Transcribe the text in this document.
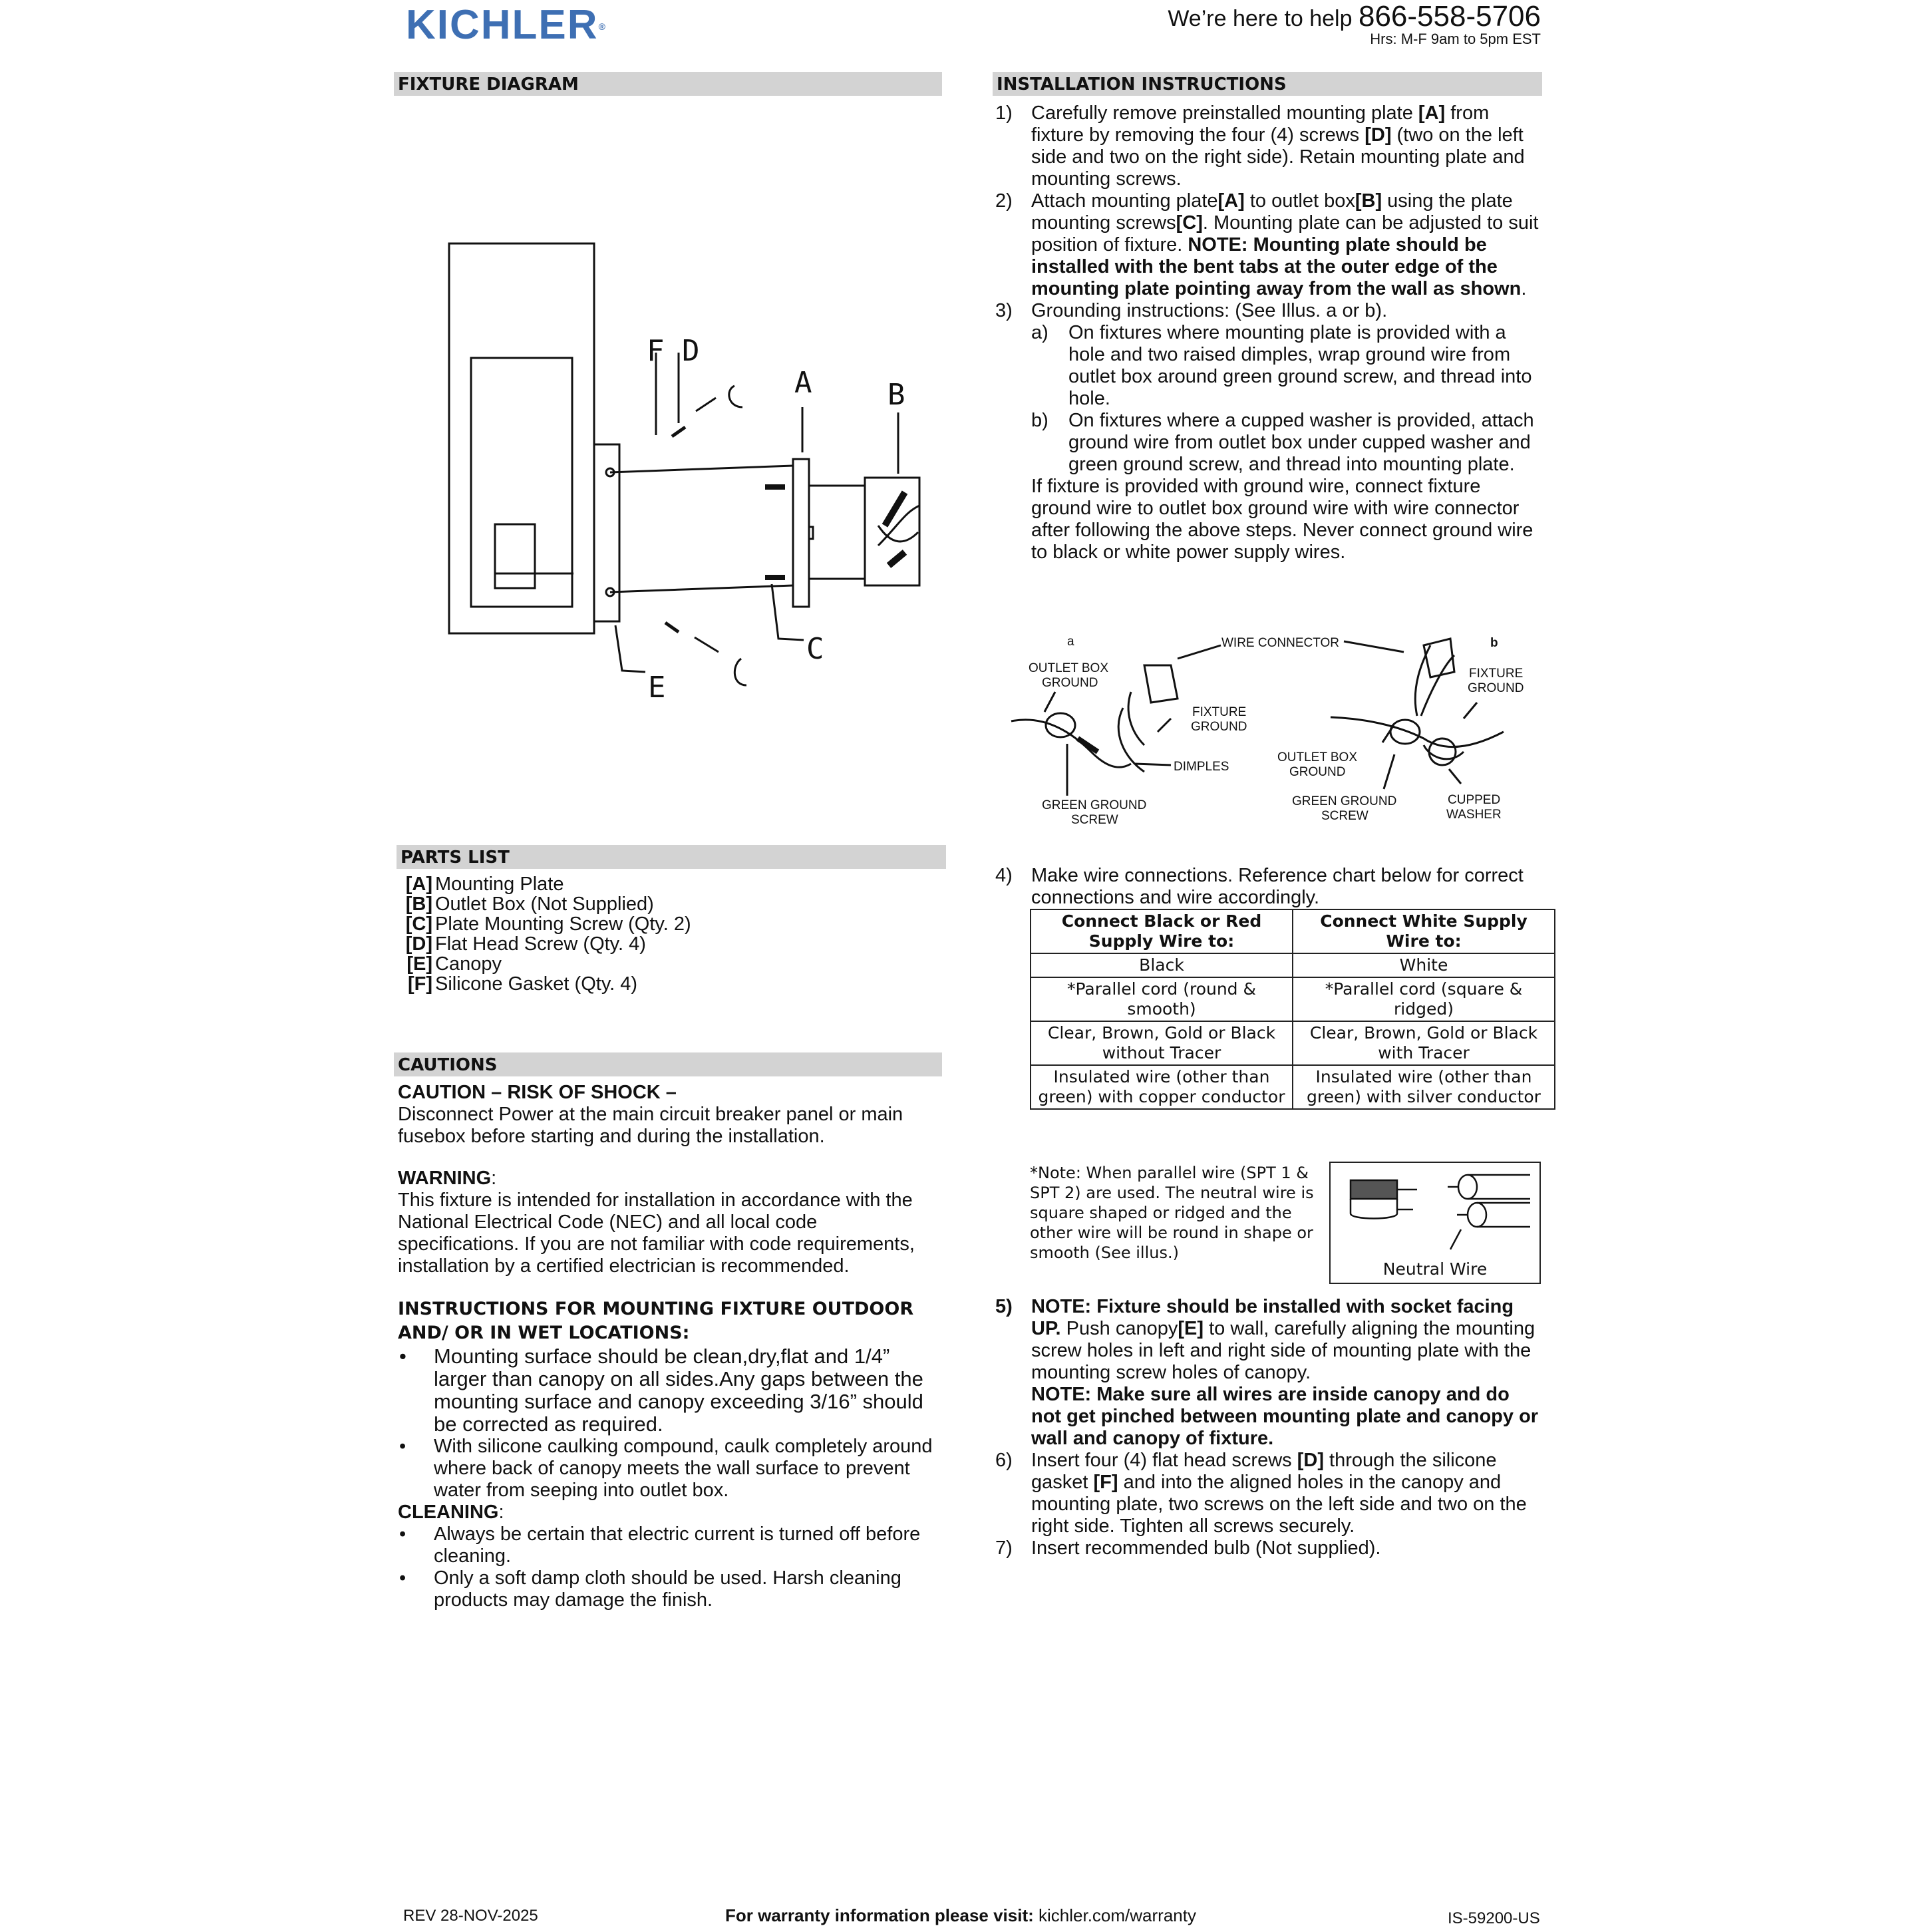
KICHLER®	We’re here to help 866-558-5706
Hrs: M-F 9am to 5pm EST
FIXTURE DIAGRAM
F D
A	B
C
E
INSTALLATION INSTRUCTIONS
1) Carefully remove preinstalled mounting plate [A] from fixture by removing the four (4) screws [D] (two on the left side and two on the right side). Retain mounting plate and mounting screws.
2) Attach mounting plate[A] to outlet box[B] using the plate mounting screws[C]. Mounting plate can be adjusted to suit position of fixture. NOTE: Mounting plate should be installed with the bent tabs at the outer edge of the mounting plate pointing away from the wall as shown.
3) Grounding instructions: (See Illus. a or b).
a) On fixtures where mounting plate is provided with a hole and two raised dimples, wrap ground wire from outlet box around green ground screw, and thread into hole.
b) On fixtures where a cupped washer is provided, attach ground wire from outlet box under cupped washer and green ground screw, and thread into mounting plate.
If fixture is provided with ground wire, connect fixture ground wire to outlet box ground wire with wire connector after following the above steps. Never connect ground wire to black or white power supply wires.
a	b
WIRE CONNECTOR
OUTLET BOX
GROUND
FIXTURE
GROUND
DIMPLES
GREEN GROUND
SCREW
FIXTURE
GROUND
OUTLET BOX
GROUND
GREEN GROUND
SCREW
CUPPED
WASHER
PARTS LIST
[A] Mounting Plate
[B] Outlet Box (Not Supplied)
[C] Plate Mounting Screw (Qty. 2)
[D] Flat Head Screw (Qty. 4)
[E] Canopy
[F] Silicone Gasket (Qty. 4)
4) Make wire connections. Reference chart below for correct connections and wire accordingly.
Connect Black or Red Supply Wire to:	Connect White Supply Wire to:
Black	White
*Parallel cord (round & smooth)	*Parallel cord (square & ridged)
Clear, Brown, Gold or Black without Tracer	Clear, Brown, Gold or Black with Tracer
Insulated wire (other than green) with copper conductor	Insulated wire (other than green) with silver conductor
*Note: When parallel wire (SPT 1 & SPT 2) are used. The neutral wire is square shaped or ridged and the other wire will be round in shape or smooth (See illus.)
Neutral Wire
5) NOTE: Fixture should be installed with socket facing UP. Push canopy[E] to wall, carefully aligning the mounting screw holes in left and right side of mounting plate with the mounting screw holes of canopy.
NOTE: Make sure all wires are inside canopy and do not get pinched between mounting plate and canopy or wall and canopy of fixture.
6) Insert four (4) flat head screws [D] through the silicone gasket [F] and into the aligned holes in the canopy and mounting plate, two screws on the left side and two on the right side. Tighten all screws securely.
7) Insert recommended bulb (Not supplied).
CAUTIONS
CAUTION – RISK OF SHOCK –
Disconnect Power at the main circuit breaker panel or main fusebox before starting and during the installation.
WARNING:
This fixture is intended for installation in accordance with the National Electrical Code (NEC) and all local code specifications. If you are not familiar with code requirements, installation by a certified electrician is recommended.
INSTRUCTIONS FOR MOUNTING FIXTURE OUTDOOR AND/ OR IN WET LOCATIONS:
• Mounting surface should be clean,dry,flat and 1/4” larger than canopy on all sides.Any gaps between the mounting surface and canopy exceeding 3/16” should be corrected as required.
• With silicone caulking compound, caulk completely around where back of canopy meets the wall surface to prevent water from seeping into outlet box.
CLEANING:
• Always be certain that electric current is turned off before cleaning.
• Only a soft damp cloth should be used. Harsh cleaning products may damage the finish.
REV 28-NOV-2025	For warranty information please visit: kichler.com/warranty	IS-59200-US
